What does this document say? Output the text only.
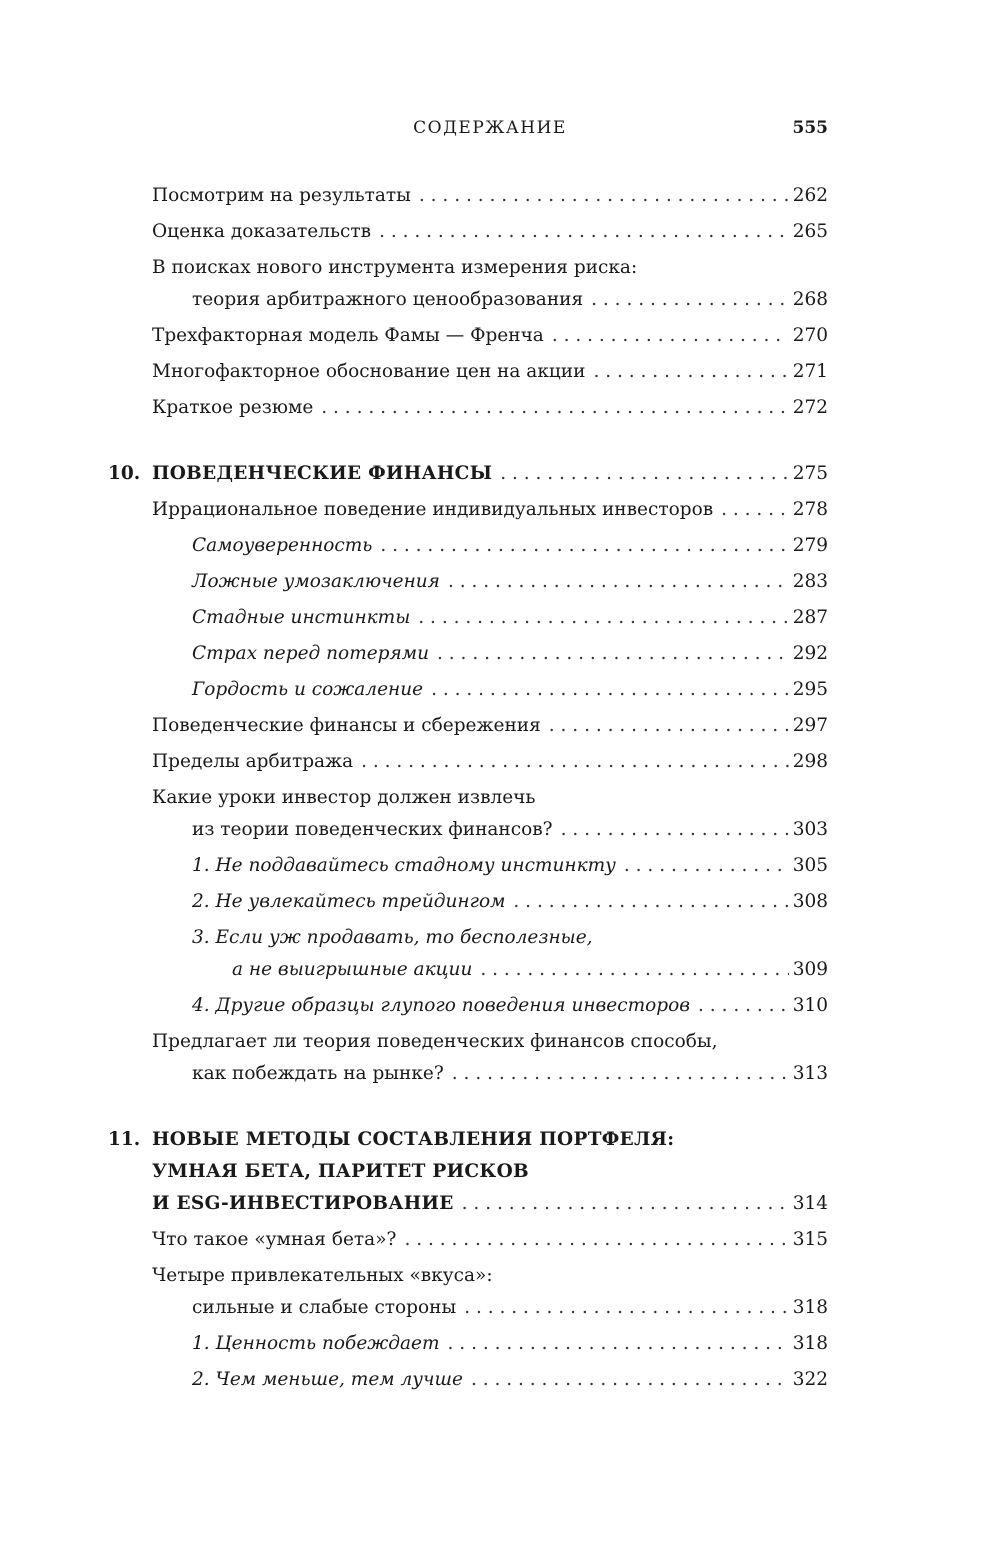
СОДЕРЖАНИЕ	555
Посмотрим на результаты . . .	262
Оценка доказательств . . .	265
В поисках нового инструмента измерения риска:
теория арбитражного ценообразования . . .	268
Трехфакторная модель Фамы — Френча . . .	270
Многофакторное обоснование цен на акции . . .	271
Краткое резюме . . .	272
10. ПОВЕДЕНЧЕСКИЕ ФИНАНСЫ . . .	275
Иррациональное поведение индивидуальных инвесторов . . .	278
Самоуверенность . . .	279
Ложные умозаключения . . .	283
Стадные инстинкты . . .	287
Страх перед потерями . . .	292
Гордость и сожаление . . .	295
Поведенческие финансы и сбережения . . .	297
Пределы арбитража . . .	298
Какие уроки инвестор должен извлечь
из теории поведенческих финансов? . . .	303
1. Не поддавайтесь стадному инстинкту . . .	305
2. Не увлекайтесь трейдингом . . .	308
3. Если уж продавать, то бесполезные,
а не выигрышные акции . . .	309
4. Другие образцы глупого поведения инвесторов . . .	310
Предлагает ли теория поведенческих финансов способы,
как побеждать на рынке? . . .	313
11. НОВЫЕ МЕТОДЫ СОСТАВЛЕНИЯ ПОРТФЕЛЯ:
УМНАЯ БЕТА, ПАРИТЕТ РИСКОВ
И ESG-ИНВЕСТИРОВАНИЕ . . .	314
Что такое «умная бета»? . . .	315
Четыре привлекательных «вкуса»:
сильные и слабые стороны . . .	318
1. Ценность побеждает . . .	318
2. Чем меньше, тем лучше . . .	322
